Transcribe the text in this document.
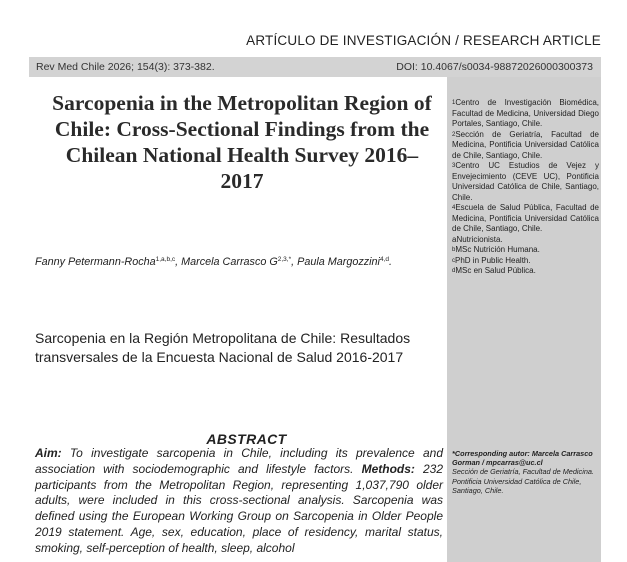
ARTÍCULO DE INVESTIGACIÓN / RESEARCH ARTICLE
Rev Med Chile 2026; 154(3): 373-382.	DOI: 10.4067/s0034-98872026000300373
$^1$Centro de Investigación Biomédica, Facultad de Medicina, Universidad Diego Portales, Santiago, Chile.
$^2$Sección de Geriatría, Facultad de Medicina, Pontificia Universidad Católica de Chile, Santiago, Chile.
$^3$Centro UC Estudios de Vejez y Envejecimiento (CEVE UC), Pontificia Universidad Católica de Chile, Santiago, Chile.
$^4$Escuela de Salud Pública, Facultad de Medicina, Pontificia Universidad Católica de Chile, Santiago, Chile.
aNutricionista.
$^b$MSc Nutrición Humana.
$^c$PhD in Public Health.
$^d$MSc en Salud Pública.
*Corresponding autor: Marcela Carrasco Gorman / mpcarras@uc.cl
Sección de Geriatría, Facultad de Medicina.
Pontificia Universidad Católica de Chile, Santiago, Chile.
Sarcopenia in the Metropolitan Region of Chile: Cross-Sectional Findings from the Chilean National Health Survey 2016–2017
Fanny Petermann-Rocha$^{1,a,b,c}$, Marcela Carrasco $G^{2,3,*}$, Paula Margozzini$^{4,d}$.
Sarcopenia en la Región Metropolitana de Chile: Resultados transversales de la Encuesta Nacional de Salud 2016-2017
ABSTRACT
Aim: To investigate sarcopenia in Chile, including its prevalence and association with sociodemographic and lifestyle factors. Methods: 232 participants from the Metropolitan Region, representing 1,037,790 older adults, were included in this cross-sectional analysis. Sarcopenia was defined using the European Working Group on Sarcopenia in Older People 2019 statement. Age, sex, education, place of residency, marital status, smoking, self-perception of health, sleep, alcohol
